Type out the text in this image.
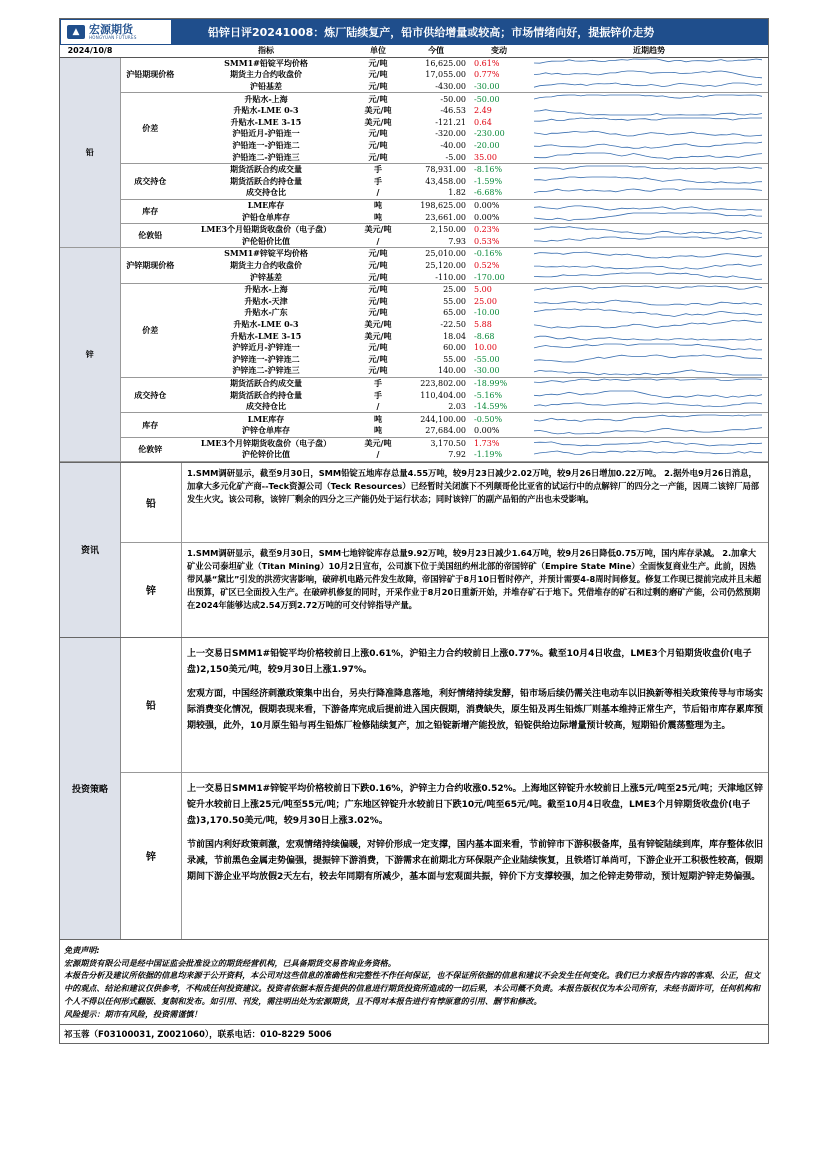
▲ 宏源期货
HONGYUAN FUTURES	铅锌日评20241008：炼厂陆续复产，铅市供给增量或较高；市场情绪向好，提振锌价走势
2024/10/8		指标	单位	今值	变动	近期趋势
铅	沪铅期现价格	SMM1#铅锭平均价格	元/吨	16,625.00	0.61%	

		期货主力合约收盘价	元/吨	17,055.00	0.77%	

		沪铅基差	元/吨	-430.00	-30.00	

	价差	升贴水-上海	元/吨	-50.00	-50.00	

		升贴水-LME 0-3	美元/吨	-46.53	2.49	

		升贴水-LME 3-15	美元/吨	-121.21	0.64	

		沪铅近月-沪铅连一	元/吨	-320.00	-230.00	

		沪铅连一-沪铅连二	元/吨	-40.00	-20.00	

		沪铅连二-沪铅连三	元/吨	-5.00	35.00	

	成交持仓	期货活跃合约成交量	手	78,931.00	-8.16%	

		期货活跃合约持仓量	手	43,458.00	-1.59%	

		成交持仓比	/	1.82	-6.68%	

	库存	LME库存	吨	198,625.00	0.00%	

		沪铅仓单库存	吨	23,661.00	0.00%	

	伦敦铅	LME3个月铅期货收盘价（电子盘）	美元/吨	2,150.00	0.23%	

		沪伦铅价比值	/	7.93	0.53%	

锌	沪锌期现价格	SMM1#锌锭平均价格	元/吨	25,010.00	-0.16%	

		期货主力合约收盘价	元/吨	25,120.00	0.52%	

		沪锌基差	元/吨	-110.00	-170.00	

	价差	升贴水-上海	元/吨	25.00	5.00	

		升贴水-天津	元/吨	55.00	25.00	

		升贴水-广东	元/吨	65.00	-10.00	

		升贴水-LME 0-3	美元/吨	-22.50	5.88	

		升贴水-LME 3-15	美元/吨	18.04	-8.68	

		沪锌近月-沪锌连一	元/吨	60.00	10.00	

		沪锌连一-沪锌连二	元/吨	55.00	-55.00	

		沪锌连二-沪锌连三	元/吨	140.00	-30.00	

	成交持仓	期货活跃合约成交量	手	223,802.00	-18.99%	

		期货活跃合约持仓量	手	110,404.00	-5.16%	

		成交持仓比	/	2.03	-14.59%	

	库存	LME库存	吨	244,100.00	-0.50%	

		沪锌仓单库存	吨	27,684.00	0.00%	

	伦敦锌	LME3个月锌期货收盘价（电子盘）	美元/吨	3,170.50	1.73%	

		沪伦锌价比值	/	7.92	-1.19%	
资讯
铅

1.SMM调研显示，截至9月30日，SMM铅锭五地库存总量4.55万吨，较9月23日减少2.02万吨，较9月26日增加0.22万吨。 2.据外电9月26日消息，加拿大多元化矿产商--Teck资源公司（Teck Resources）已经暂时关闭旗下不列颠哥伦比亚省的试运行中的点解锌厂的四分之一产能，因周二该锌厂局部发生火灾。该公司称，该锌厂剩余的四分之三产能仍处于运行状态；同时该锌厂的副产品铅的产出也未受影响。

锌

1.SMM调研显示，截至9月30日，SMM七地锌锭库存总量9.92万吨，较9月23日减少1.64万吨，较9月26日降低0.75万吨，国内库存录减。 2.加拿大矿业公司泰坦矿业（Titan Mining）10月2日宣布，公司旗下位于美国纽约州北部的帝国锌矿（Empire State Mine）全面恢复商业生产。此前，因热带风暴“黛比”引发的洪涝灾害影响，破碎机电路元件发生故障，帝国锌矿于8月10日暂时停产，并预计需要4-8周时间修复。修复工作现已提前完成并且未超出预算，矿区已全面投入生产。在破碎机修复的同时，开采作业于8月20日重新开始，并堆存矿石于地下。凭借堆存的矿石和过剩的磨矿产能，公司仍然预期在2024年能够达成2.54万到2.72万吨的可交付锌指导产量。

投资策略
铅

上一交易日SMM1#铅锭平均价格较前日上涨0.61%，沪铅主力合约较前日上涨0.77%。截至10月4日收盘，LME3个月铅期货收盘价(电子盘)2,150美元/吨，较9月30日上涨1.97%。

宏观方面，中国经济刺激政策集中出台，另央行降准降息落地，利好情绪持续发酵，铅市场后续仍需关注电动车以旧换新等相关政策传导与市场实际消费变化情况，假期表现来看，下游备库完成后提前进入国庆假期，消费缺失，原生铅及再生铅炼厂则基本维持正常生产，节后铅市库存累库预期较强，此外，10月原生铅与再生铅炼厂检修陆续复产，加之铅锭新增产能投放，铅锭供给边际增量预计较高，短期铅价震荡整理为主。

锌

上一交易日SMM1#锌锭平均价格较前日下跌0.16%，沪锌主力合约收涨0.52%。上海地区锌锭升水较前日上涨5元/吨至25元/吨；天津地区锌锭升水较前日上涨25元/吨至55元/吨；广东地区锌锭升水较前日下跌10元/吨至65元/吨。截至10月4日收盘，LME3个月锌期货收盘价(电子盘)3,170.50美元/吨，较9月30日上涨3.02%。

节前国内利好政策刺激，宏观情绪持续偏暖，对锌价形成一定支撑，国内基本面来看，节前锌市下游积极备库，虽有锌锭陆续到库，库存整体依旧录减，节前黑色金属走势偏强，提振锌下游消费，下游需求在前期北方环保限产企业陆续恢复，且铁塔订单尚可，下游企业开工积极性较高，假期期间下游企业平均放假2天左右，较去年同期有所减少，基本面与宏观面共振，锌价下方支撑较强，加之伦锌走势带动，预计短期沪锌走势偏强。

免责声明:
宏源期货有限公司是经中国证监会批准设立的期货经营机构，已具备期货交易咨询业务资格。
本报告分析及建议所依据的信息均来源于公开资料，本公司对这些信息的准确性和完整性不作任何保证，也不保证所依据的信息和建议不会发生任何变化。我们已力求报告内容的客观、公正，但文中的观点、结论和建议仅供参考，不构成任何投资建议。投资者依据本报告提供的信息进行期货投资所造成的一切后果，本公司概不负责。本报告版权仅为本公司所有，未经书面许可，任何机构和个人不得以任何形式翻版、复制和发布。如引用、刊发，需注明出处为宏源期货，且不得对本报告进行有悖原意的引用、删节和修改。
风险提示：期市有风险，投资需谨慎！
祁玉蓉（F03100031, Z0021060），联系电话：010-8229 5006
